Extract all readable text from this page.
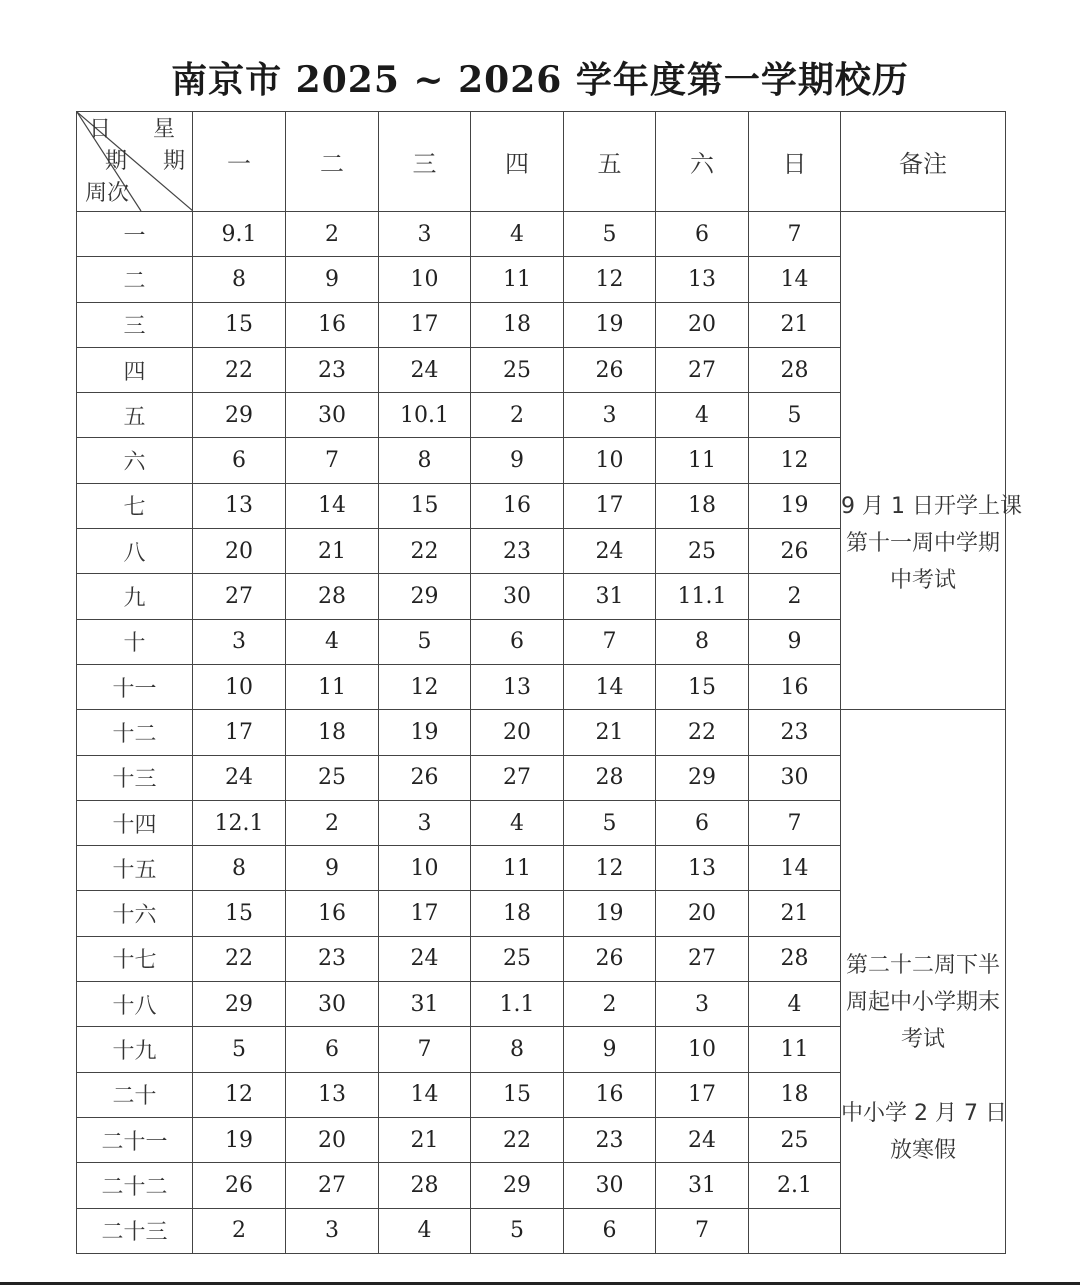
南京市 2025 ~ 2026 学年度第一学期校历
日
期
星
期
周次	一	二	三	四	五	六	日	备注
一	9.1	2	3	4	5	6	7	9 月 1 日开学上课
第十一周中学期
中考试

二	8	9	10	11	12	13	14	
三	15	16	17	18	19	20	21	
四	22	23	24	25	26	27	28	
五	29	30	10.1	2	3	4	5	
六	6	7	8	9	10	11	12	
七	13	14	15	16	17	18	19	
八	20	21	22	23	24	25	26	
九	27	28	29	30	31	11.1	2	
十	3	4	5	6	7	8	9	
十一	10	11	12	13	14	15	16	
十二	17	18	19	20	21	22	23	第二十二周下半
周起中小学期末
考试

中小学 2 月 7 日
放寒假

十三	24	25	26	27	28	29	30	
十四	12.1	2	3	4	5	6	7	
十五	8	9	10	11	12	13	14	
十六	15	16	17	18	19	20	21	
十七	22	23	24	25	26	27	28	
十八	29	30	31	1.1	2	3	4	
十九	5	6	7	8	9	10	11	
二十	12	13	14	15	16	17	18	
二十一	19	20	21	22	23	24	25	
二十二	26	27	28	29	30	31	2.1	
二十三	2	3	4	5	6	7		
